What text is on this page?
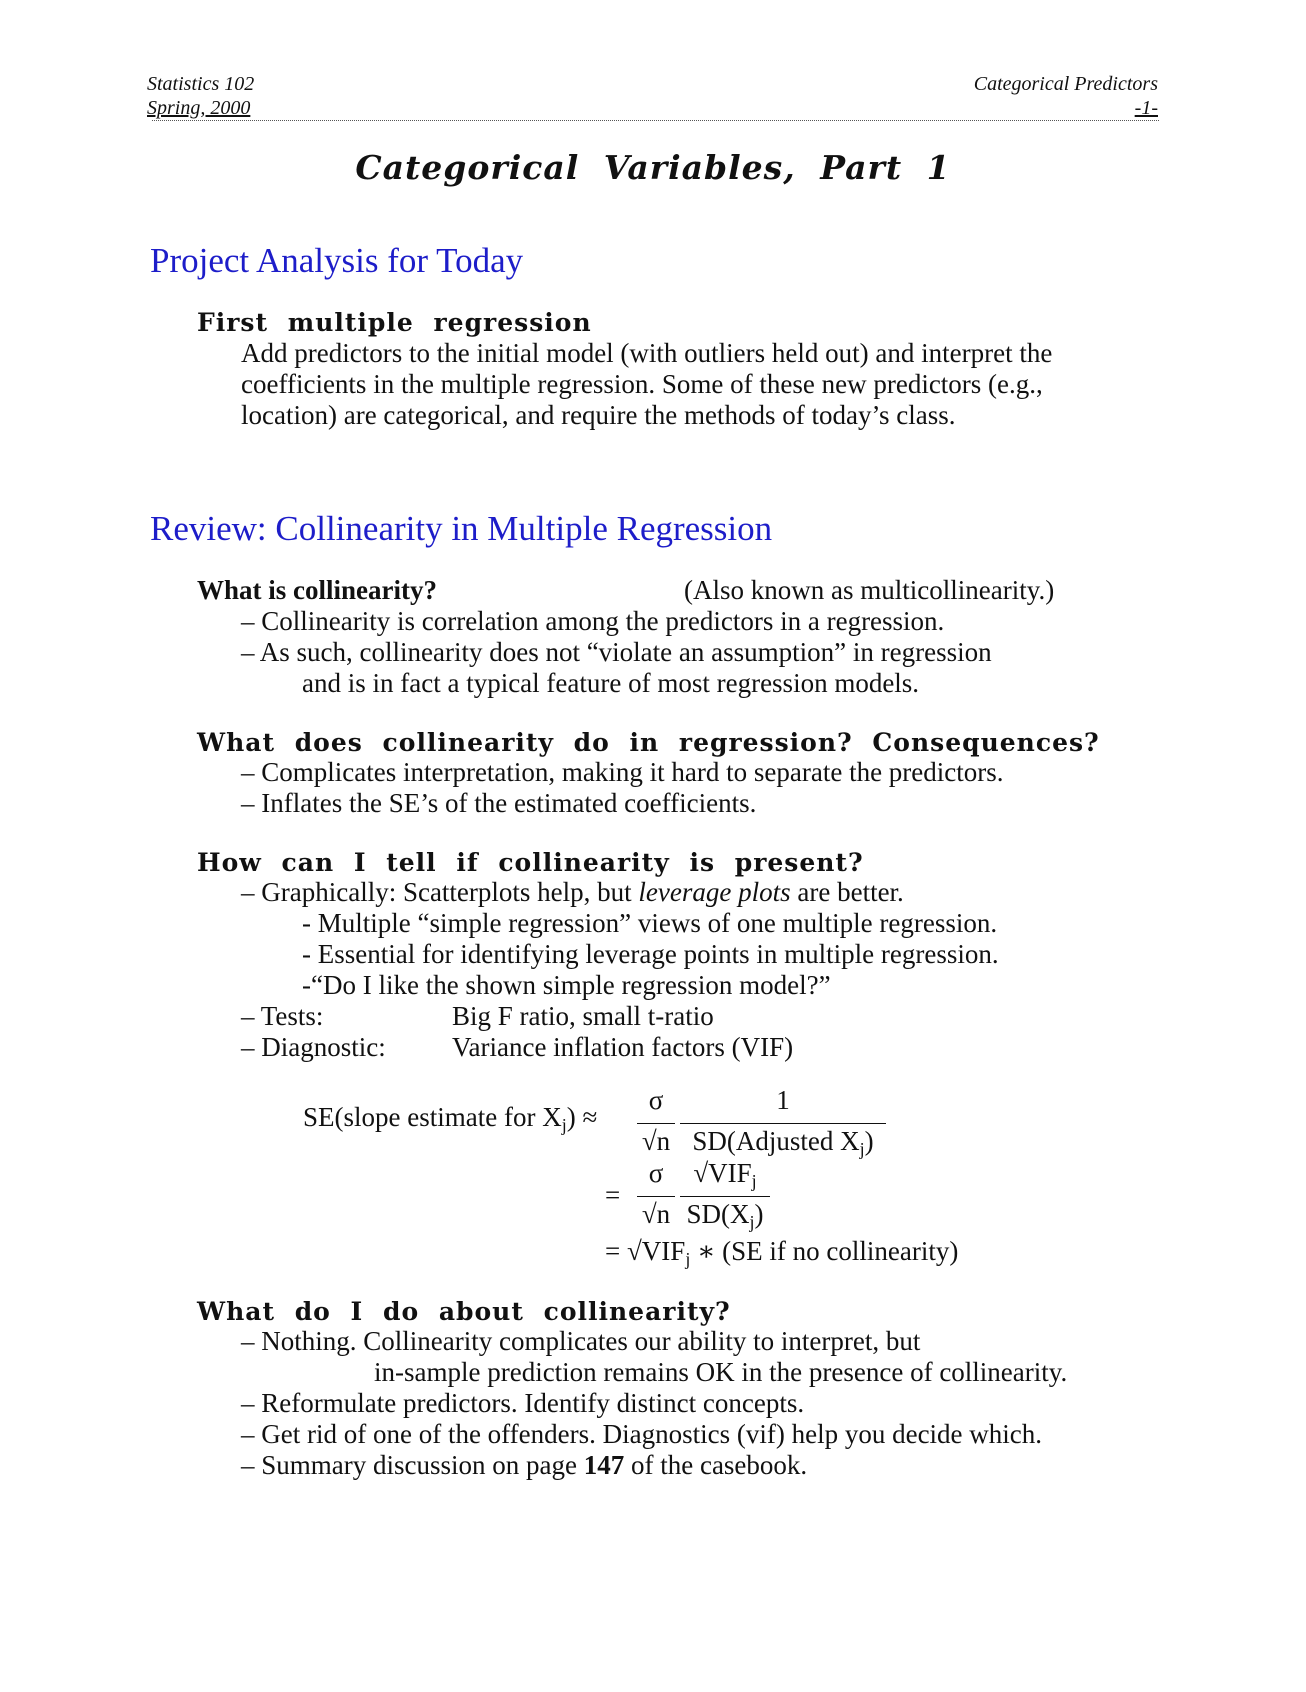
Statistics 102
Spring, 2000
Categorical Predictors
-1-
Categorical Variables, Part 1
Project Analysis for Today
First multiple regression
Add predictors to the initial model (with outliers held out) and interpret the
coefficients in the multiple regression. Some of these new predictors (e.g.,
location) are categorical, and require the methods of today’s class.
Review: Collinearity in Multiple Regression
What is collinearity?	(Also known as multicollinearity.)
– Collinearity is correlation among the predictors in a regression.
– As such, collinearity does not “violate an assumption” in regression
and is in fact a typical feature of most regression models.
What does collinearity do in regression? Consequences?
– Complicates interpretation, making it hard to separate the predictors.
– Inflates the SE’s of the estimated coefficients.
How can I tell if collinearity is present?
– Graphically: Scatterplots help, but leverage plots are better.
- Multiple “simple regression” views of one multiple regression.
- Essential for identifying leverage points in multiple regression.
-“Do I like the shown simple regression model?”
– Tests:	Big F ratio, small t-ratio
– Diagnostic: Variance inflation factors (VIF)
SE(slope estimate for $X_j$) ≈
σ
√n
1
SD(Adjusted $X_j$)
=
σ
√n
$√VIF_j$
$SD(X_j)$
= $√VIF_j$ ∗ (SE if no collinearity)
What do I do about collinearity?
– Nothing. Collinearity complicates our ability to interpret, but
in-sample prediction remains OK in the presence of collinearity.
– Reformulate predictors. Identify distinct concepts.
– Get rid of one of the offenders. Diagnostics (vif) help you decide which.
– Summary discussion on page 147 of the casebook.
